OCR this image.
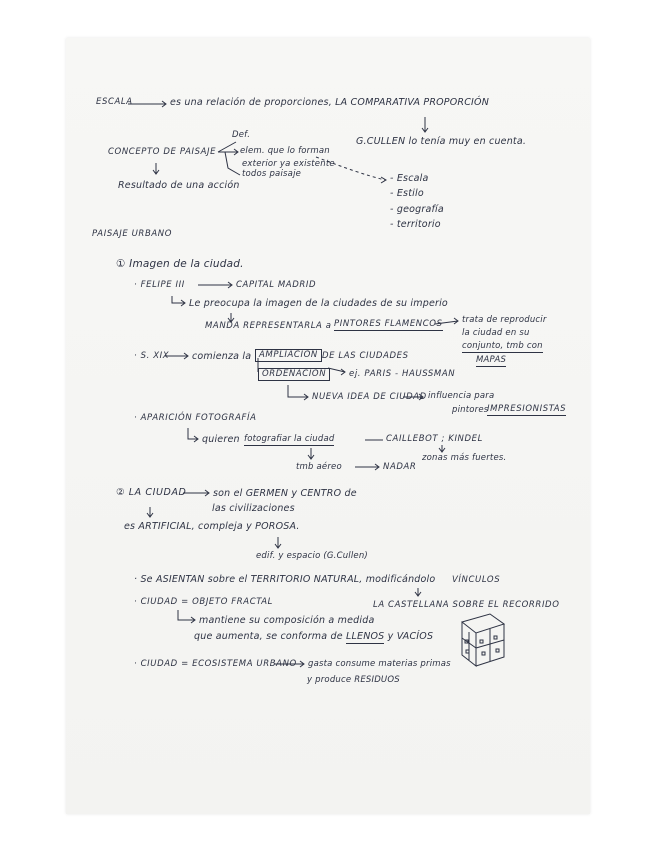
ESCALA	es una relación de proporciones, LA COMPARATIVA PROPORCIÓN
G.CULLEN lo tenía muy en cuenta.
CONCEPTO DE PAISAJE
Def.
elem. que lo forman
exterior ya existente
todos paisaje
Resultado de una acción
- Escala
- Estilo
- geografía
- territorio
PAISAJE URBANO
① Imagen de la ciudad.
· FELIPE III	CAPITAL MADRID
Le preocupa la imagen de la ciudades de su imperio
MANDA REPRESENTARLA a PINTORES FLAMENCOS trata de reproducir
la ciudad en su
conjunto, tmb con
MAPAS
· S. XIX comienza la AMPLIACION DE LAS CIUDADES
ORDENACION	ej. PARIS - HAUSSMAN
NUEVA IDEA DE CIUDAD influencia para
pintores
IMPRESIONISTAS
· APARICIÓN FOTOGRAFÍA
quieren fotografiar la ciudad	CAILLEBOT ; KINDEL
zonas más fuertes.
tmb aéreo	NADAR
② LA CIUDAD	son el GERMEN y CENTRO de
las civilizaciones
es ARTIFICIAL, compleja y POROSA.
edif. y espacio (G.Cullen)
· Se ASIENTAN sobre el TERRITORIO NATURAL, modificándolo VÍNCULOS
· CIUDAD = OBJETO FRACTAL	LA CASTELLANA SOBRE EL RECORRIDO
mantiene su composición a medida
que aumenta, se conforma de LLENOS y VACÍOS
· CIUDAD = ECOSISTEMA URBANO gasta consume materias primas
y produce RESIDUOS
